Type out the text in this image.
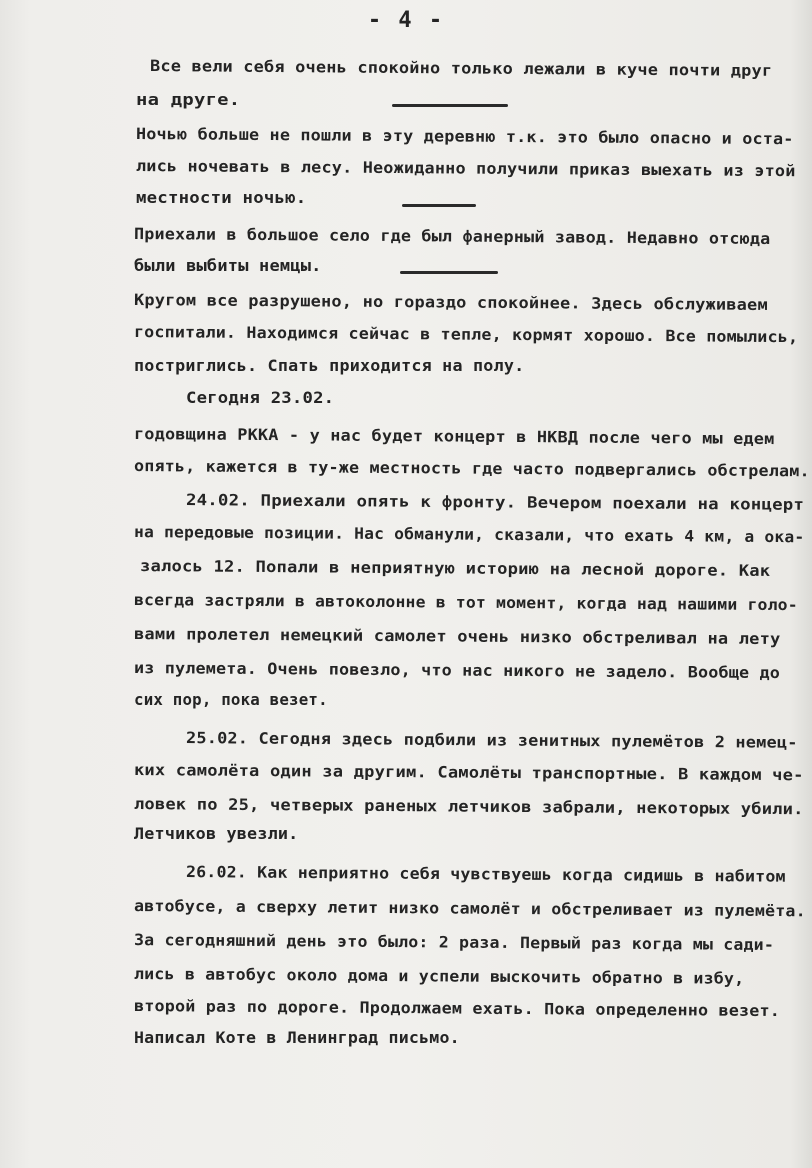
- 4 -
Все вели себя очень спокойно только лежали в куче почти друг
на друге.
Ночью больше не пошли в эту деревню т.к. это было опасно и оста-
лись ночевать в лесу. Неожиданно получили приказ выехать из этой
местности ночью.
Приехали в большое село где был фанерный завод. Недавно отсюда
были выбиты немцы.
Кругом все разрушено, но гораздо спокойнее. Здесь обслуживаем
госпитали. Находимся сейчас в тепле, кормят хорошо. Все помылись,
постриглись. Спать приходится на полу.
Сегодня 23.02.
годовщина РККА - у нас будет концерт в НКВД после чего мы едем
опять, кажется в ту-же местность где часто подвергались обстрелам.
24.02. Приехали опять к фронту. Вечером поехали на концерт
на передовые позиции. Нас обманули, сказали, что ехать 4 км, а ока-
залось 12. Попали в неприятную историю на лесной дороге. Как
всегда застряли в автоколонне в тот момент, когда над нашими голо-
вами пролетел немецкий самолет очень низко обстреливал на лету
из пулемета. Очень повезло, что нас никого не задело. Вообще до
сих пор, пока везет.
25.02. Сегодня здесь подбили из зенитных пулемётов 2 немец-
ких самолёта один за другим. Самолёты транспортные. В каждом че-
ловек по 25, четверых раненых летчиков забрали, некоторых убили.
Летчиков увезли.
26.02. Как неприятно себя чувствуешь когда сидишь в набитом
автобусе, а сверху летит низко самолёт и обстреливает из пулемёта.
За сегодняшний день это было: 2 раза. Первый раз когда мы сади-
лись в автобус около дома и успели выскочить обратно в избу,
второй раз по дороге. Продолжаем ехать. Пока определенно везет.
Написал Коте в Ленинград письмо.
